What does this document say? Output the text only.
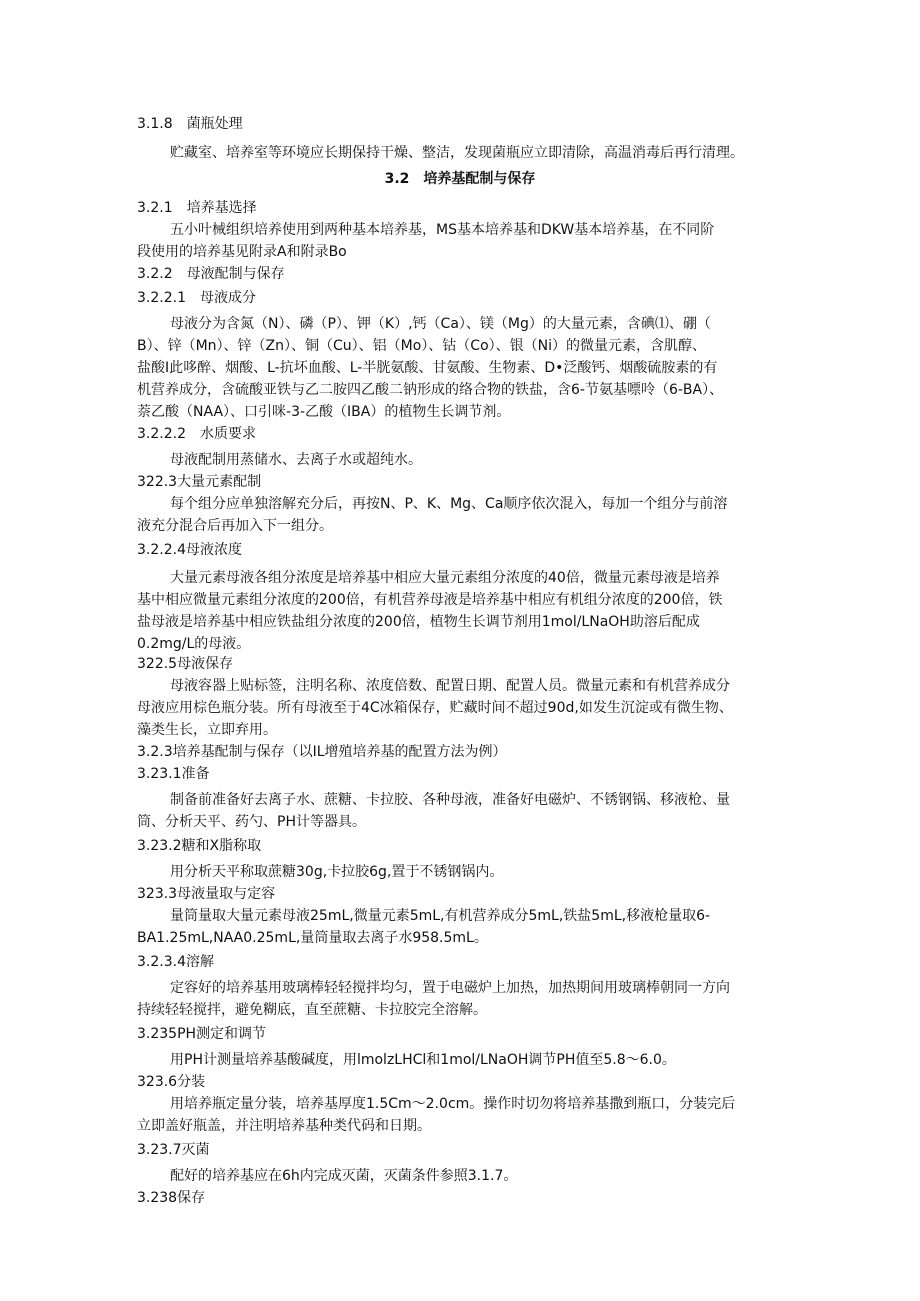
3.1.8　菌瓶处理
贮藏室、培养室等环境应长期保持干燥、整洁，发现菌瓶应立即清除，高温消毒后再行清理。
3.2　培养基配制与保存
3.2.1　培养基选择
五小叶械组织培养使用到两种基本培养基，MS基本培养基和DKW基本培养基，在不同阶
段使用的培养基见附录A和附录Bo
3.2.2　母液配制与保存
3.2.2.1　母液成分
母液分为含氮（N）、磷（P）、钾（K）,钙（Ca）、镁（Mg）的大量元素，含碘⑴、硼（
B）、锌（Mn）、锌（Zn）、铜（Cu）、铝（Mo）、钴（Co）、银（Ni）的微量元素，含肌醇、
盐酸I此哆醉、烟酸、L-抗坏血酸、L-半胱氨酸、甘氨酸、生物素、D•泛酸钙、烟酸硫胺素的有
机营养成分，含硫酸亚铁与乙二胺四乙酸二钠形成的络合物的铁盐，含6-节氨基嘌呤（6-BA）、
萘乙酸（NAA）、口引咪-3-乙酸（IBA）的植物生长调节剂。
3.2.2.2　水质要求
母液配制用蒸储水、去离子水或超纯水。
322.3大量元素配制
每个组分应单独溶解充分后，再按N、P、K、Mg、Ca顺序依次混入，每加一个组分与前溶
液充分混合后再加入下一组分。
3.2.2.4母液浓度
大量元素母液各组分浓度是培养基中相应大量元素组分浓度的40倍，微量元素母液是培养
基中相应微量元素组分浓度的200倍，有机营养母液是培养基中相应有机组分浓度的200倍，铁
盐母液是培养基中相应铁盐组分浓度的200倍，植物生长调节剂用1mol/LNaOH助溶后配成
0.2mg/L的母液。
322.5母液保存
母液容器上贴标签，注明名称、浓度倍数、配置日期、配置人员。微量元素和有机营养成分
母液应用棕色瓶分装。所有母液至于4C冰箱保存，贮藏时间不超过90d,如发生沉淀或有微生物、
藻类生长，立即弃用。
3.2.3培养基配制与保存（以IL增殖培养基的配置方法为例）
3.23.1准备
制备前准备好去离子水、蔗糖、卡拉胶、各种母液，准备好电磁炉、不锈钢锅、移液枪、量
筒、分析天平、药勺、PH计等器具。
3.23.2糖和X脂称取
用分析天平称取蔗糖30g,卡拉胶6g,置于不锈钢锅内。
323.3母液量取与定容
量筒量取大量元素母液25mL,微量元素5mL,有机营养成分5mL,铁盐5mL,移液枪量取6-
BA1.25mL,NAA0.25mL,量筒量取去离子水958.5mL。
3.2.3.4溶解
定容好的培养基用玻璃棒轻轻搅拌均匀，置于电磁炉上加热，加热期间用玻璃棒朝同一方向
持续轻轻搅拌，避免糊底，直至蔗糖、卡拉胶完全溶解。
3.235PH测定和调节
用PH计测量培养基酸碱度，用lmolzLHCl和1mol/LNaOH调节PH值至5.8～6.0。
323.6分装
用培养瓶定量分装，培养基厚度1.5Cm～2.0cm。操作时切勿将培养基撒到瓶口，分装完后
立即盖好瓶盖，并注明培养基种类代码和日期。
3.23.7灭菌
配好的培养基应在6h内完成灭菌，灭菌条件参照3.1.7。
3.238保存
